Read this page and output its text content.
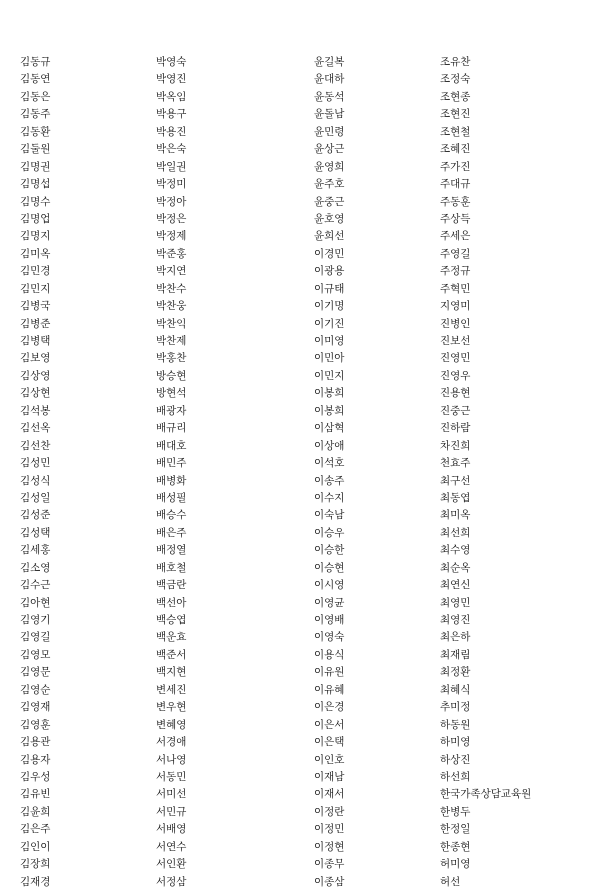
김동규	박영숙	윤길복	조유찬
김동연	박영진	윤대하	조정숙
김동은	박옥임	윤동석	조현종
김동주	박용구	윤돌남	조현진
김동환	박용진	윤민령	조현철
김둘원	박은숙	윤상근	조혜진
김명권	박일권	윤영희	주가진
김명섭	박정미	윤주호	주대규
김명수	박정아	윤중근	주동훈
김명업	박정은	윤호영	주상득
김명지	박정제	윤희선	주세은
김미옥	박준홍	이경민	주영길
김민경	박지연	이광용	주정규
김민지	박찬수	이규태	주혁민
김병국	박찬웅	이기명	지영미
김병준	박찬익	이기진	진병인
김병택	박찬제	이미영	진보선
김보영	박홍찬	이민아	진영민
김상영	방승현	이민지	진영우
김상현	방현석	이봉희	진용현
김석봉	배광자	이봉희	진중근
김선옥	배규리	이삼혁	진하람
김선찬	배대호	이상애	차진희
김성민	배민주	이석호	천효주
김성식	배병화	이송주	최구선
김성일	배성필	이수지	최동엽
김성준	배승수	이숙남	최미옥
김성택	배은주	이승우	최선희
김세홍	배정열	이승한	최수영
김소영	배호철	이승현	최순옥
김수근	백금란	이시영	최연신
김아현	백선아	이영균	최영민
김영기	백승엽	이영배	최영진
김영길	백운효	이영숙	최은하
김영모	백준서	이용식	최재림
김영문	백지현	이유원	최정환
김영순	변세진	이유혜	최혜식
김영재	변우현	이은경	추미정
김영훈	변혜영	이은서	하동원
김용관	서경애	이은택	하미영
김용자	서나영	이인호	하상진
김우성	서동민	이재남	하선희
김유빈	서미선	이재서	한국가족상담교육원
김윤희	서민규	이정란	한병두
김은주	서배영	이정민	한정일
김인이	서연수	이정현	한종현
김장희	서인환	이종무	허미영
김재경	서정삼	이종삼	허선
